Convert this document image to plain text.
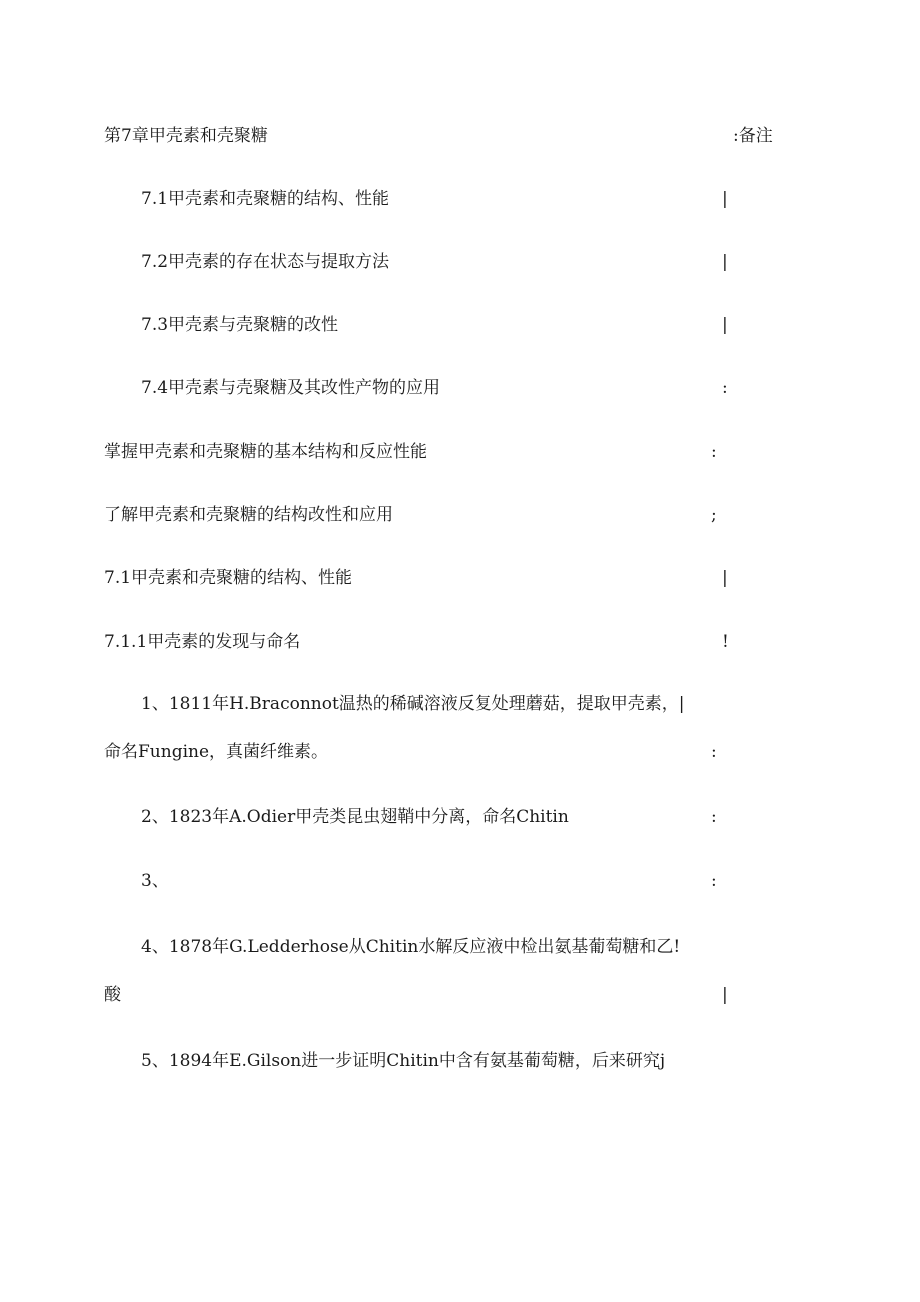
第7章甲壳素和壳聚糖	:备注
7.1甲壳素和壳聚糖的结构、性能	|
7.2甲壳素的存在状态与提取方法	|
7.3甲壳素与壳聚糖的改性	|
7.4甲壳素与壳聚糖及其改性产物的应用	:
掌握甲壳素和壳聚糖的基本结构和反应性能	:
了解甲壳素和壳聚糖的结构改性和应用	;
7.1甲壳素和壳聚糖的结构、性能	|
7.1.1甲壳素的发现与命名	!
1、1811年H.Braconnot温热的稀碱溶液反复处理蘑菇，提取甲壳素，|
命名Fungine，真菌纤维素。	:
2、1823年A.Odier甲壳类昆虫翅鞘中分离，命名Chitin	:
3、	:
4、1878年G.Ledderhose从Chitin水解反应液中检出氨基葡萄糖和乙!
酸	|
5、1894年E.Gilson进一步证明Chitin中含有氨基葡萄糖，后来研究j
